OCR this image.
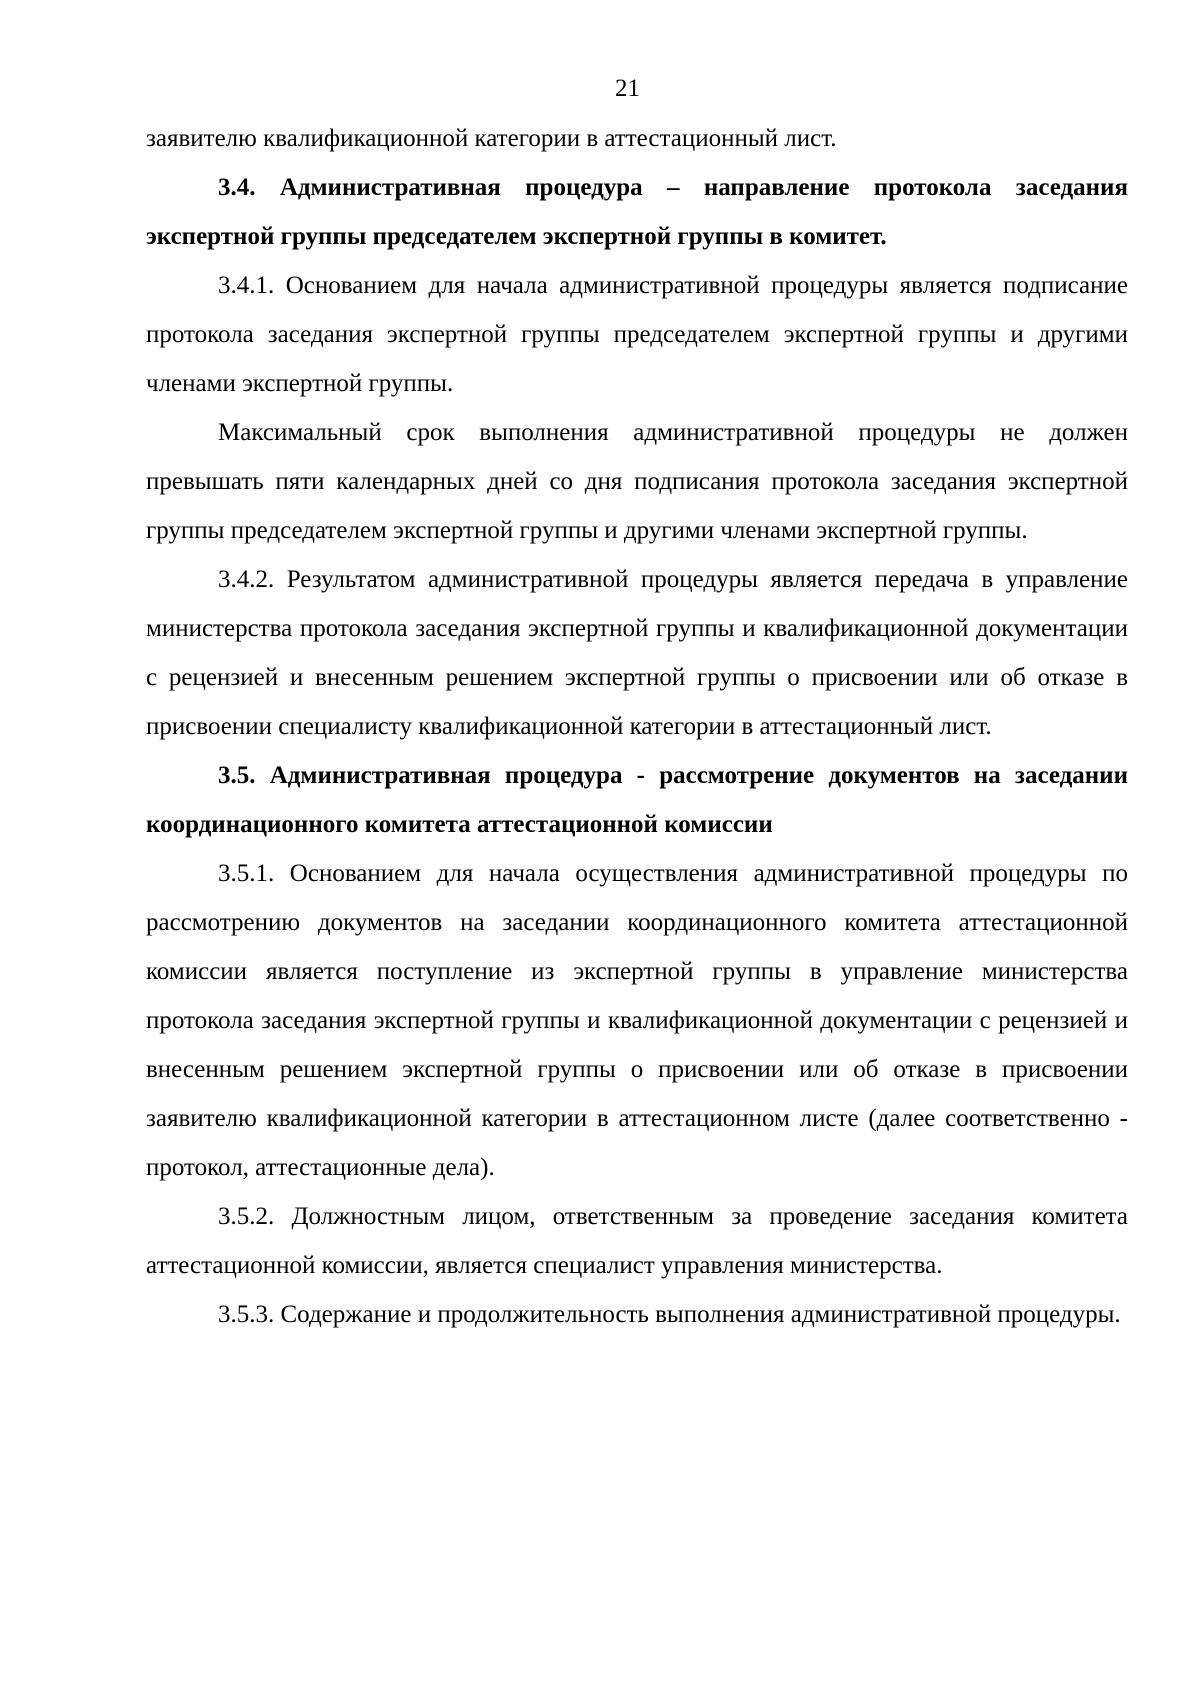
21

заявителю квалификационной категории в аттестационный лист.

3.4. Административная процедура – направление протокола заседания экспертной группы председателем экспертной группы в комитет.

3.4.1. Основанием для начала административной процедуры является подписание протокола заседания экспертной группы председателем экспертной группы и другими членами экспертной группы.

Максимальный срок выполнения административной процедуры не должен превышать пяти календарных дней со дня подписания протокола заседания экспертной группы председателем экспертной группы и другими членами экспертной группы.

3.4.2. Результатом административной процедуры является передача в управление министерства протокола заседания экспертной группы и квалификационной документации с рецензией и внесенным решением экспертной группы о присвоении или об отказе в присвоении специалисту квалификационной категории в аттестационный лист.

3.5. Административная процедура - рассмотрение документов на заседании координационного комитета аттестационной комиссии

3.5.1. Основанием для начала осуществления административной процедуры по рассмотрению документов на заседании координационного комитета аттестационной комиссии является поступление из экспертной группы в управление министерства протокола заседания экспертной группы и квалификационной документации с рецензией и внесенным решением экспертной группы о присвоении или об отказе в присвоении заявителю квалификационной категории в аттестационном листе (далее соответственно - протокол, аттестационные дела).

3.5.2. Должностным лицом, ответственным за проведение заседания комитета аттестационной комиссии, является специалист управления министерства.

3.5.3. Содержание и продолжительность выполнения административной процедуры.
